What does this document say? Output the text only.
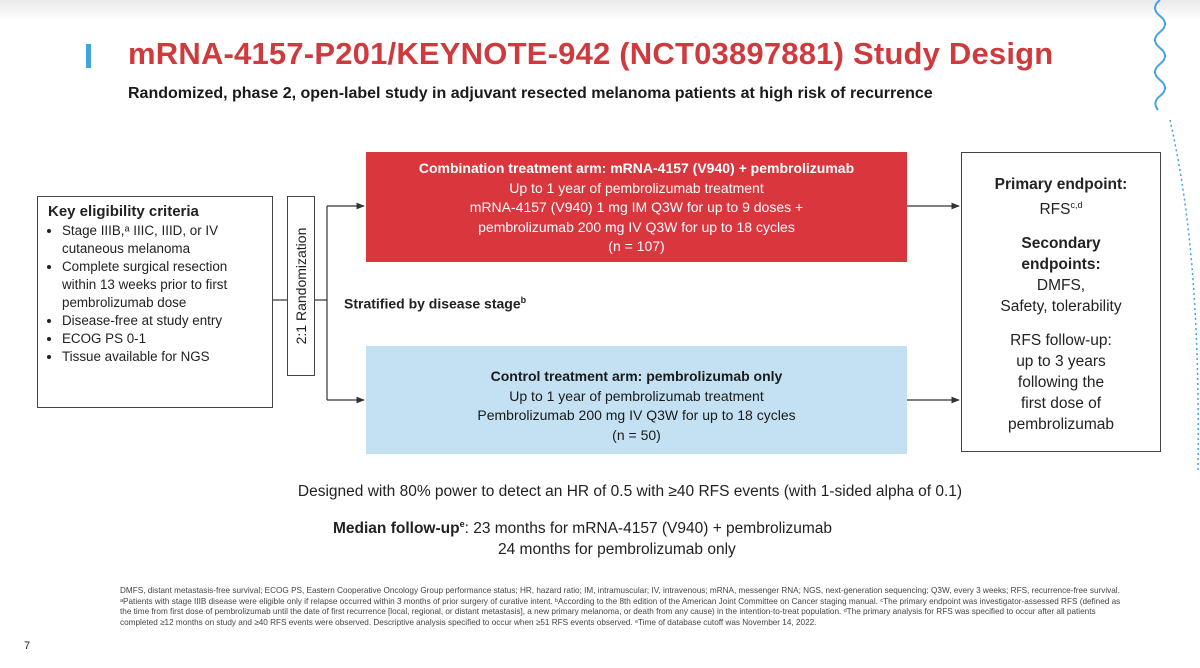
mRNA-4157-P201/KEYNOTE-942 (NCT03897881) Study Design
Randomized, phase 2, open-label study in adjuvant resected melanoma patients at high risk of recurrence
Key eligibility criteria
• Stage IIIB,ᵃ IIIC, IIID, or IV cutaneous melanoma
• Complete surgical resection within 13 weeks prior to first pembrolizumab dose
• Disease-free at study entry
• ECOG PS 0-1
• Tissue available for NGS
2:1 Randomization	Stratified by disease stage$^b$
Combination treatment arm: mRNA-4157 (V940) + pembrolizumab
Up to 1 year of pembrolizumab treatment
mRNA-4157 (V940) 1 mg IM Q3W for up to 9 doses +
pembrolizumab 200 mg IV Q3W for up to 18 cycles
(n = 107)
Control treatment arm: pembrolizumab only
Up to 1 year of pembrolizumab treatment
Pembrolizumab 200 mg IV Q3W for up to 18 cycles
(n = 50)
Primary endpoint:
RFS$^{c,d}$
Secondary endpoints:
DMFS,
Safety, tolerability
RFS follow-up:
up to 3 years
following the
first dose of
pembrolizumab
Designed with 80% power to detect an HR of 0.5 with ≥40 RFS events (with 1-sided alpha of 0.1)
Median follow-$up^e$: 23 months for mRNA-4157 (V940) + pembrolizumab
24 months for pembrolizumab only

DMFS, distant metastasis-free survival; ECOG PS, Eastern Cooperative Oncology Group performance status; HR, hazard ratio; IM, intramuscular; IV, intravenous; mRNA, messenger RNA; NGS, next-generation sequencing; Q3W, every 3 weeks; RFS, recurrence-free survival.

ᵃPatients with stage IIIB disease were eligible only if relapse occurred within 3 months of prior surgery of curative intent. ᵇAccording to the 8th edition of the American Joint Committee on Cancer staging manual. ᶜThe primary endpoint was investigator-assessed RFS (defined as the time from first dose of pembrolizumab until the date of first recurrence [local, regional, or distant metastasis], a new primary melanoma, or death from any cause) in the intention-to-treat population. ᵈThe primary analysis for RFS was specified to occur after all patients completed ≥12 months on study and ≥40 RFS events were observed. Descriptive analysis specified to occur when ≥51 RFS events observed. ᵉTime of database cutoff was November 14, 2022.

7
